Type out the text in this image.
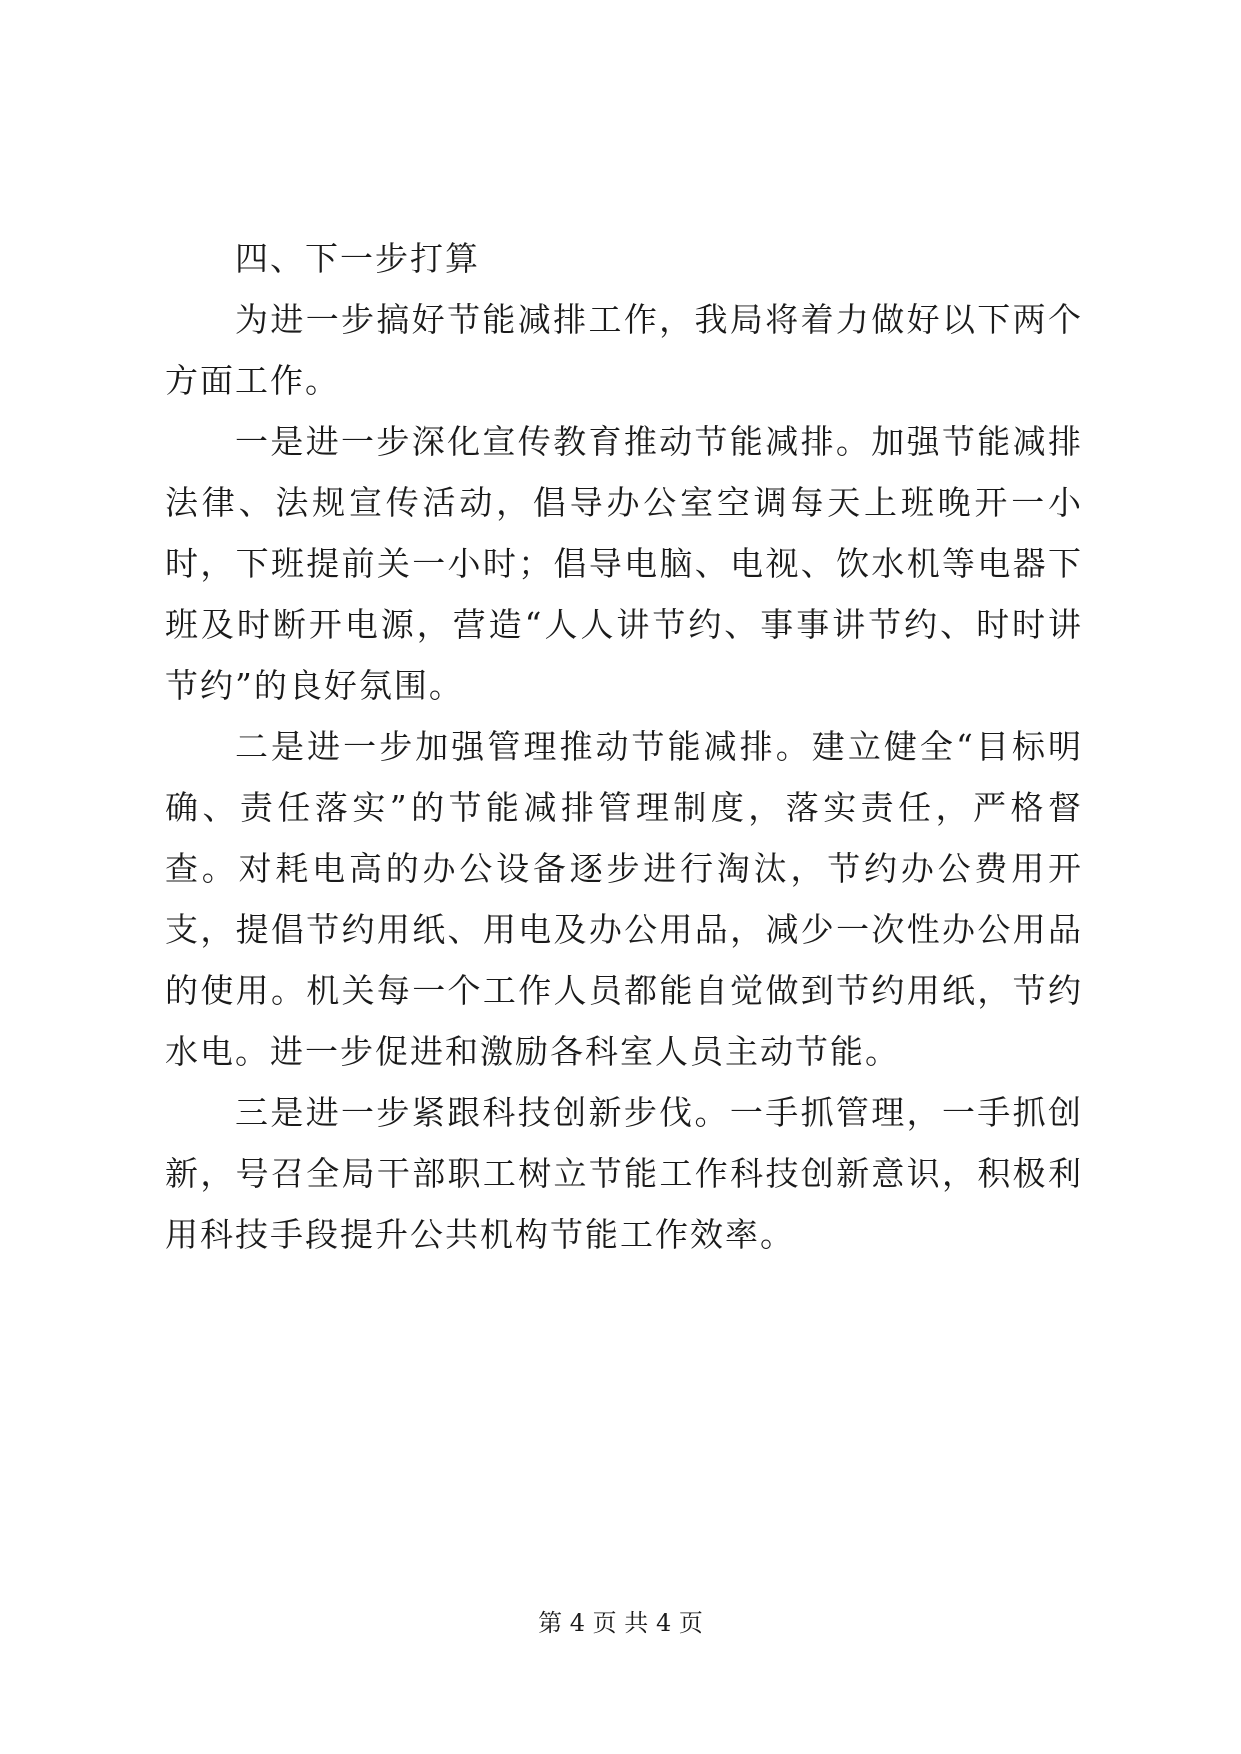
四、下一步打算

为进一步搞好节能减排工作，我局将着力做好以下两个方面工作。

一是进一步深化宣传教育推动节能减排。加强节能减排法律、法规宣传活动，倡导办公室空调每天上班晚开一小时，下班提前关一小时；倡导电脑、电视、饮水机等电器下班及时断开电源，营造“人人讲节约、事事讲节约、时时讲节约”的良好氛围。

二是进一步加强管理推动节能减排。建立健全“目标明确、责任落实”的节能减排管理制度，落实责任，严格督查。对耗电高的办公设备逐步进行淘汰，节约办公费用开支，提倡节约用纸、用电及办公用品，减少一次性办公用品的使用。机关每一个工作人员都能自觉做到节约用纸，节约水电。进一步促进和激励各科室人员主动节能。

三是进一步紧跟科技创新步伐。一手抓管理，一手抓创新，号召全局干部职工树立节能工作科技创新意识，积极利用科技手段提升公共机构节能工作效率。

第 4 页 共 4 页
